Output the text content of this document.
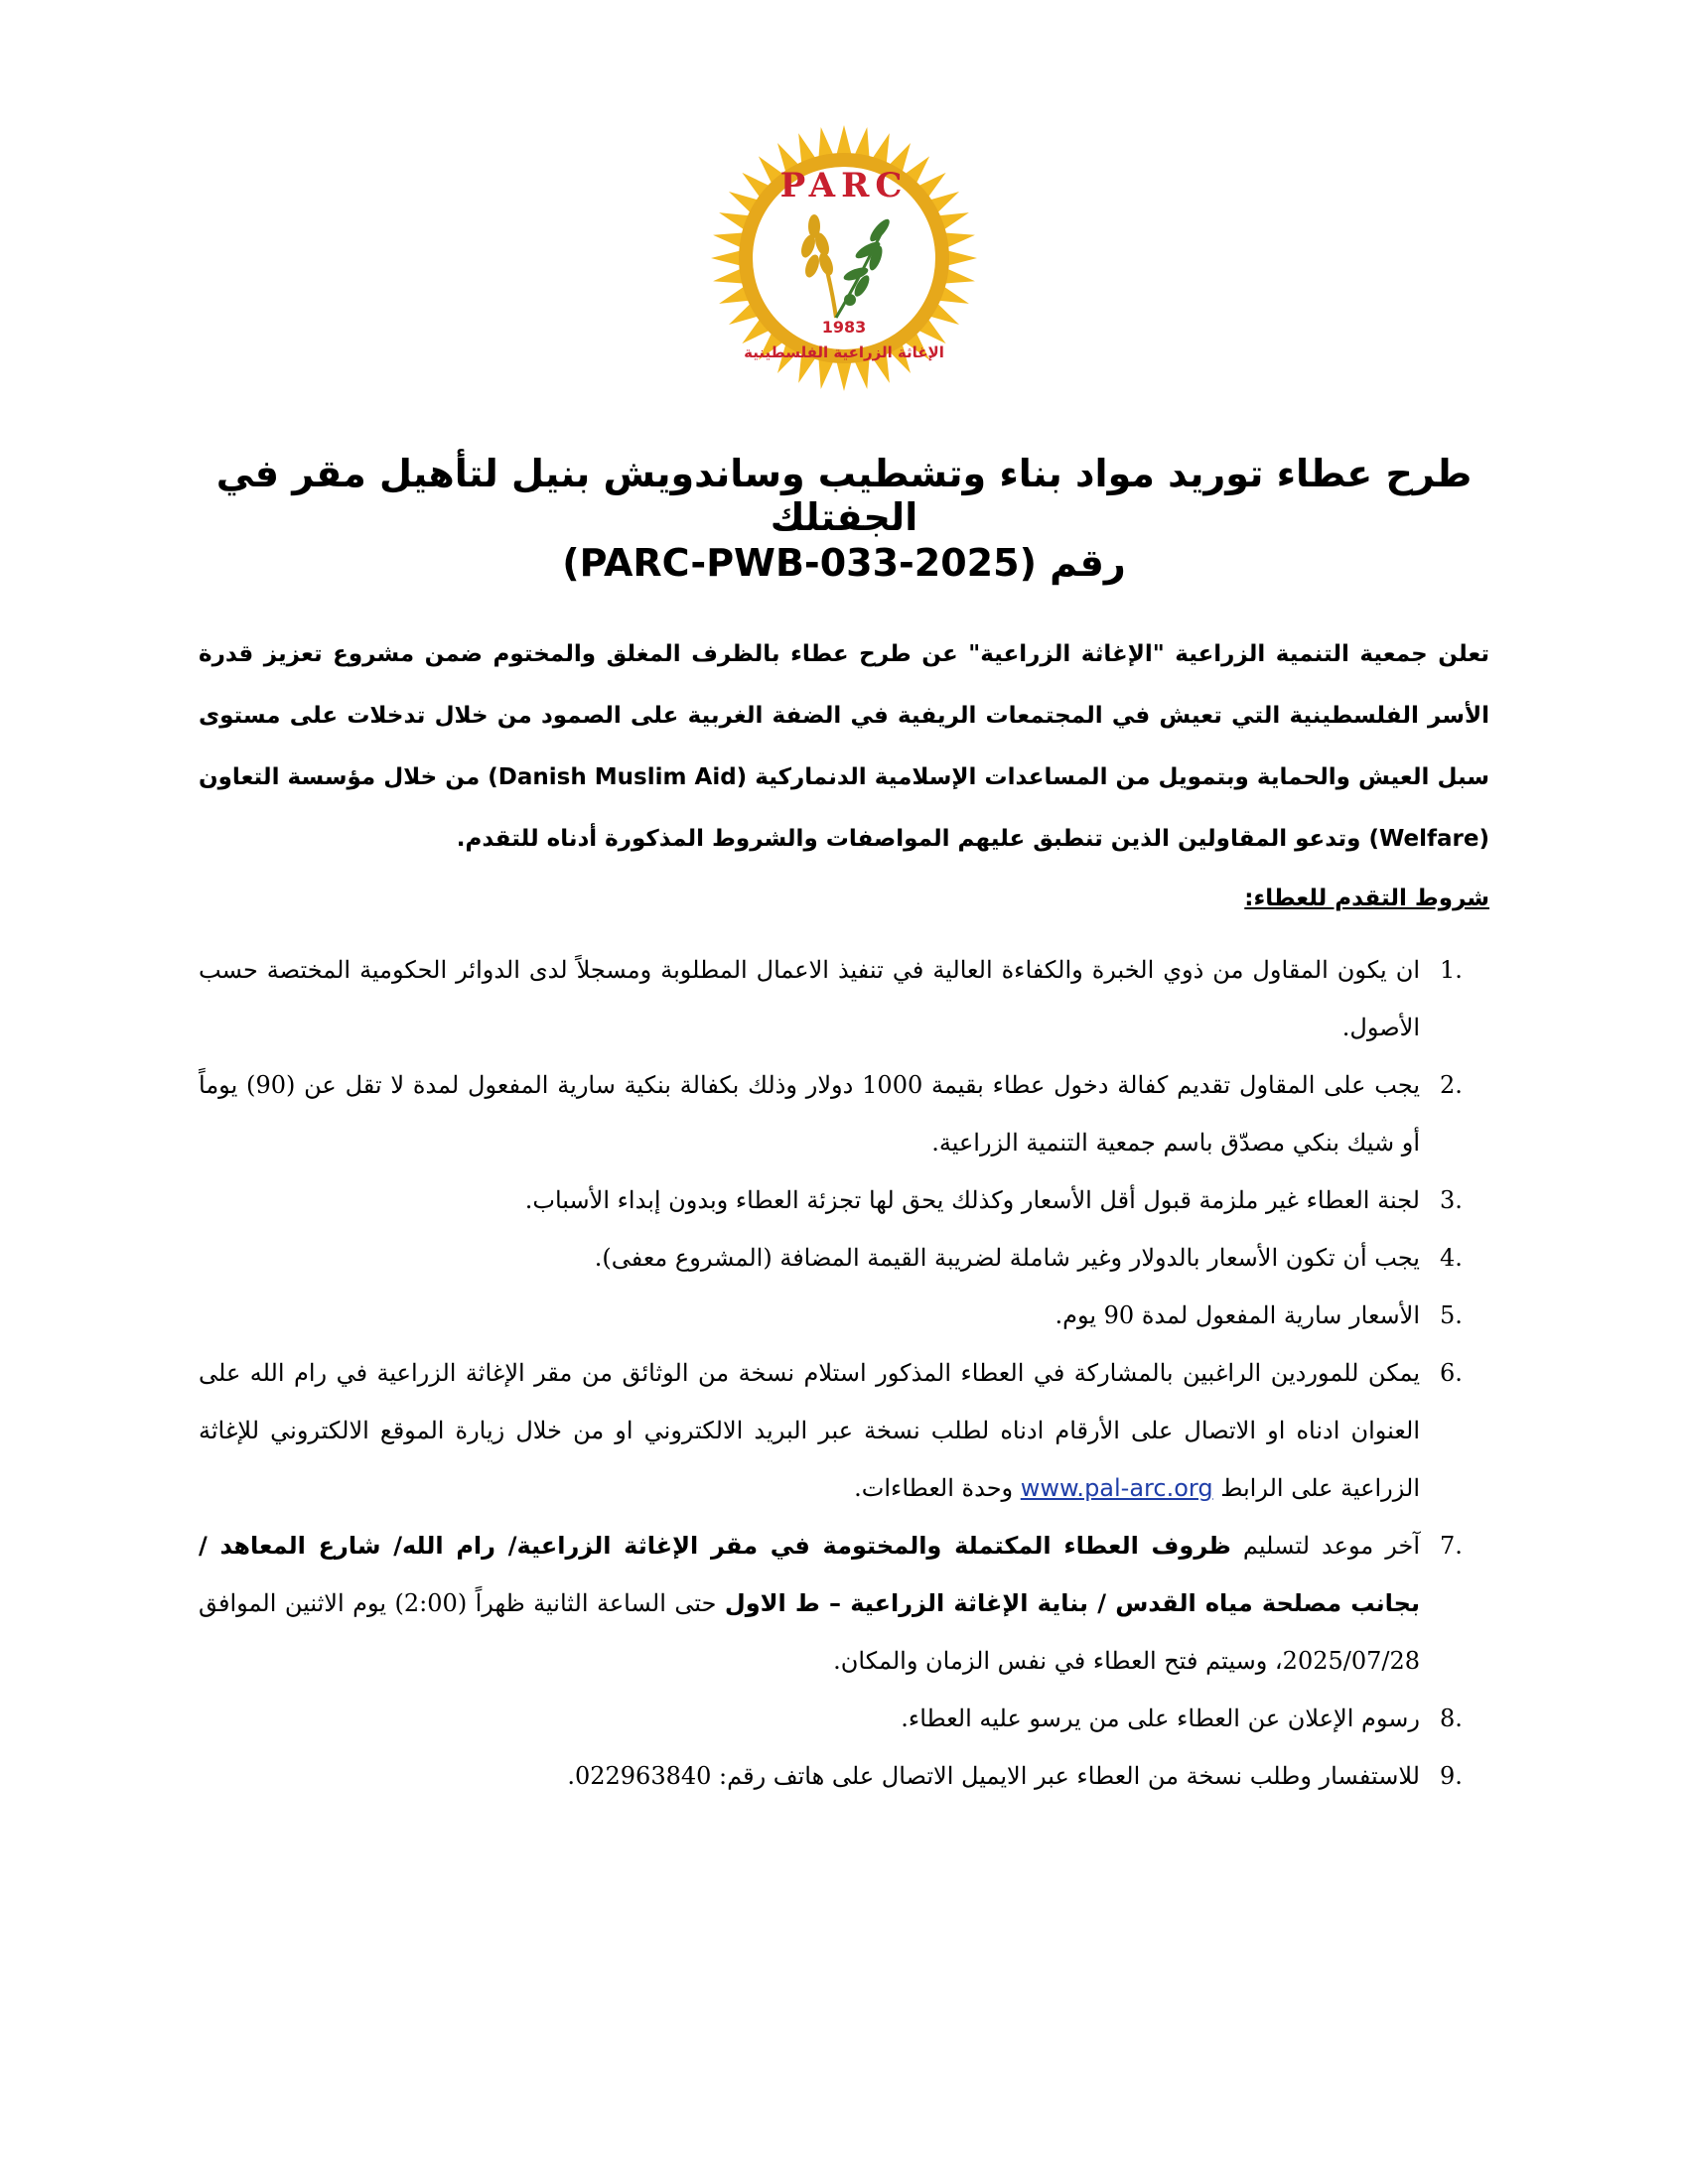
PARC
1983
الإغاثة الزراعية الفلسطينية
طرح عطاء توريد مواد بناء وتشطيب وساندويش بنيل لتأهيل مقر في الجفتلك
رقم (PARC-PWB-033-2025)

تعلن جمعية التنمية الزراعية "الإغاثة الزراعية" عن طرح عطاء بالظرف المغلق والمختوم ضمن مشروع تعزيز قدرة الأسر الفلسطينية التي تعيش في المجتمعات الريفية في الضفة الغربية على الصمود من خلال تدخلات على مستوى سبل العيش والحماية وبتمويل من المساعدات الإسلامية الدنماركية (Danish Muslim Aid) من خلال مؤسسة التعاون (Welfare) وتدعو المقاولين الذين تنطبق عليهم المواصفات والشروط المذكورة أدناه للتقدم.

شروط التقدم للعطاء:

1.
ان يكون المقاول من ذوي الخبرة والكفاءة العالية في تنفيذ الاعمال المطلوبة ومسجلاً لدى الدوائر الحكومية المختصة حسب الأصول.
2.
يجب على المقاول تقديم كفالة دخول عطاء بقيمة 1000 دولار وذلك بكفالة بنكية سارية المفعول لمدة لا تقل عن (90) يوماً أو شيك بنكي مصدّق باسم جمعية التنمية الزراعية.
3.
لجنة العطاء غير ملزمة قبول أقل الأسعار وكذلك يحق لها تجزئة العطاء وبدون إبداء الأسباب.
4.
يجب أن تكون الأسعار بالدولار وغير شاملة لضريبة القيمة المضافة (المشروع معفى).
5.
الأسعار سارية المفعول لمدة 90 يوم.
6.
يمكن للموردين الراغبين بالمشاركة في العطاء المذكور استلام نسخة من الوثائق من مقر الإغاثة الزراعية في رام الله على العنوان ادناه او الاتصال على الأرقام ادناه لطلب نسخة عبر البريد الالكتروني او من خلال زيارة الموقع الالكتروني للإغاثة الزراعية على الرابط www.pal-arc.org وحدة العطاءات.
7.
آخر موعد لتسليم ظروف العطاء المكتملة والمختومة في مقر الإغاثة الزراعية/ رام الله/ شارع المعاهد / بجانب مصلحة مياه القدس / بناية الإغاثة الزراعية – ط الاول حتى الساعة الثانية ظهراً (2:00) يوم الاثنين الموافق 2025/07/28، وسيتم فتح العطاء في نفس الزمان والمكان.
8.
رسوم الإعلان عن العطاء على من يرسو عليه العطاء.
9.
للاستفسار وطلب نسخة من العطاء عبر الايميل الاتصال على هاتف رقم: 022963840.
